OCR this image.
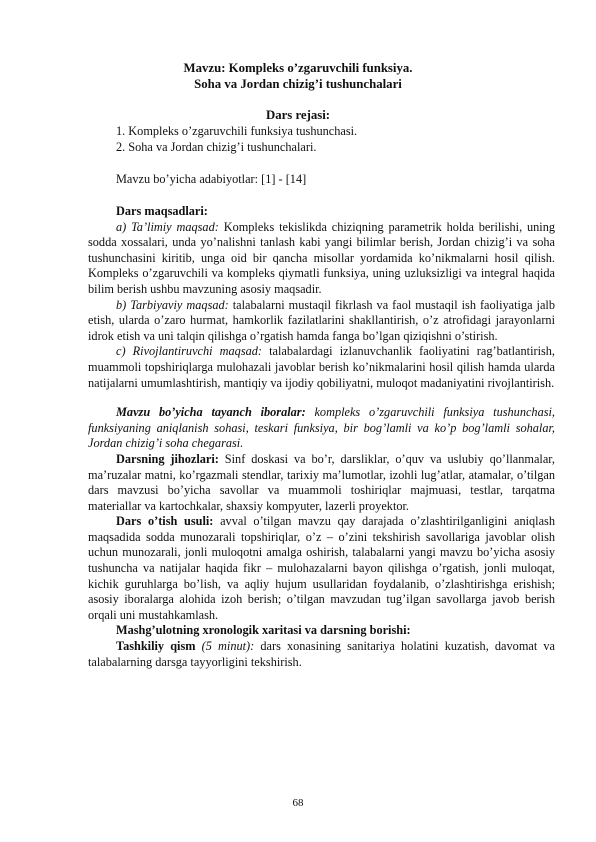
Mavzu: Kompleks o’zgaruvchili funksiya.
Soha va Jordan chizig’i tushunchalari
Dars rejasi:
1. Kompleks o’zgaruvchili funksiya tushunchasi.
2. Soha va Jordan chizig’i tushunchalari.
Mavzu bo’yicha adabiyotlar: [1] - [14]

Dars maqsadlari:

a) Ta’limiy maqsad: Kompleks tekislikda chiziqning parametrik holda berilishi, uning sodda xossalari, unda yo’nalishni tanlash kabi yangi bilimlar berish, Jordan chizig’i va soha tushunchasini kiritib, unga oid bir qancha misollar yordamida ko’nikmalarni hosil qilish. Kompleks o’zgaruvchili va kompleks qiymatli funksiya, uning uzluksizligi va integral haqida bilim berish ushbu mavzuning asosiy maqsadir.

b) Tarbiyaviy maqsad: talabalarni mustaqil fikrlash va faol mustaqil ish faoliyatiga jalb etish, ularda o’zaro hurmat, hamkorlik fazilatlarini shakllantirish, o’z atrofidagi jarayonlarni idrok etish va uni talqin qilishga o’rgatish hamda fanga bo’lgan qiziqishni o’stirish.

c) Rivojlantiruvchi maqsad: talabalardagi izlanuvchanlik faoliyatini rag’batlantirish, muammoli topshiriqlarga mulohazali javoblar berish ko’nikmalarini hosil qilish hamda ularda natijalarni umumlashtirish, mantiqiy va ijodiy qobiliyatni, muloqot madaniyatini rivojlantirish.

Mavzu bo’yicha tayanch iboralar: kompleks o’zgaruvchili funksiya tushunchasi, funksiyaning aniqlanish sohasi, teskari funksiya, bir bog’lamli va ko’p bog’lamli sohalar, Jordan chizig’i soha chegarasi.

Darsning jihozlari: Sinf doskasi va bo’r, darsliklar, o’quv va uslubiy qo’llanmalar, ma’ruzalar matni, ko’rgazmali stendlar, tarixiy ma’lumotlar, izohli lug’atlar, atamalar, o’tilgan dars mavzusi bo’yicha savollar va muammoli toshiriqlar majmuasi, testlar, tarqatma materiallar va kartochkalar, shaxsiy kompyuter, lazerli proyektor.

Dars o’tish usuli: avval o’tilgan mavzu qay darajada o’zlashtirilganligini aniqlash maqsadida sodda munozarali topshiriqlar, o’z – o’zini tekshirish savollariga javoblar olish uchun munozarali, jonli muloqotni amalga oshirish, talabalarni yangi mavzu bo’yicha asosiy tushuncha va natijalar haqida fikr – mulohazalarni bayon qilishga o’rgatish, jonli muloqat, kichik guruhlarga bo’lish, va aqliy hujum usullaridan foydalanib, o’zlashtirishga erishish; asosiy iboralarga alohida izoh berish; o’tilgan mavzudan tug’ilgan savollarga javob berish orqali uni mustahkamlash.

Mashg’ulotning xronologik xaritasi va darsning borishi:

Tashkiliy qism (5 minut): dars xonasining sanitariya holatini kuzatish, davomat va talabalarning darsga tayyorligini tekshirish.

68
